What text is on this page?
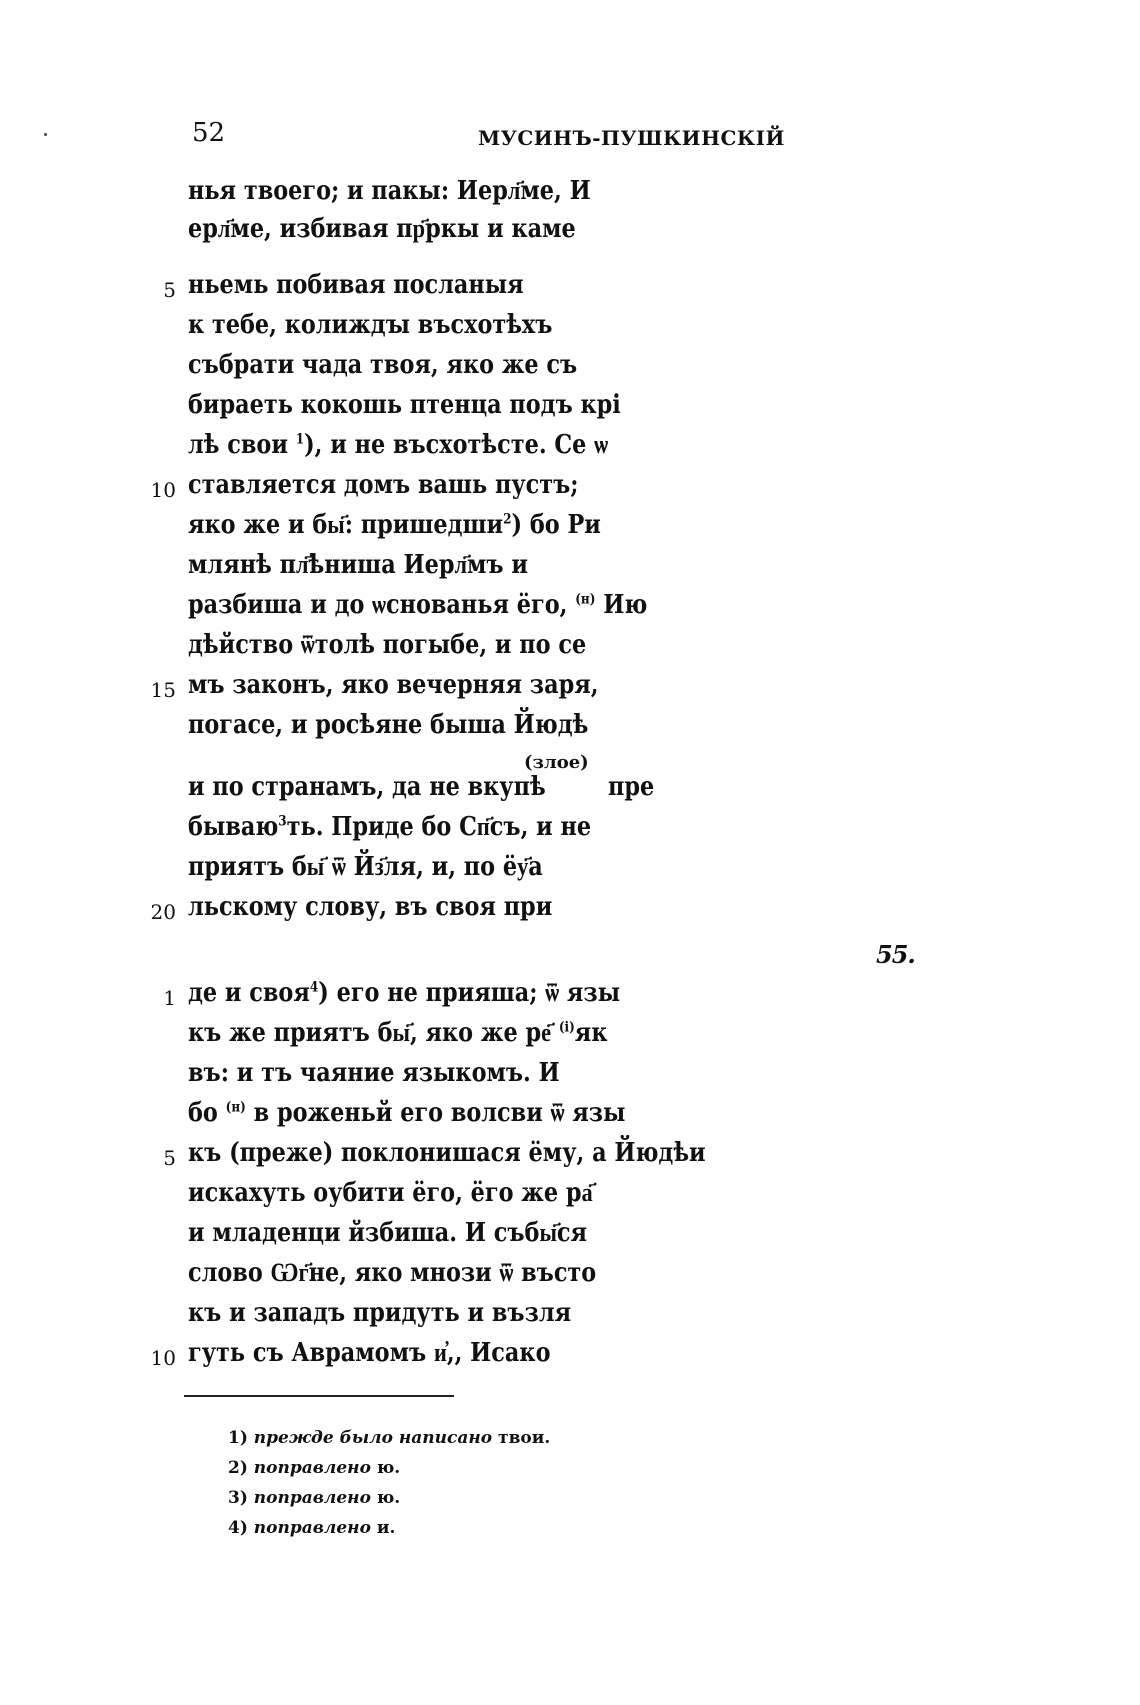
52	МУСИНЪ-ПУШКИНСКІЙ
нья твоего; и пакы: Иерл҃ме, И
ерл҃ме, избивая пр҃ркы и каме
5 ньемь побивая посланыя
к тебе, колиждꙑ въсхотѣхъ
събрати чада твоя, яко же съ
бираеть кокошь птенца подъ крі
лѣ свои $^1$), и не въсхотѣсте. Се ѡ
10 ставляется домъ вашь пустъ;
яко же и бы҃: пришедши$^2$) бо Ри
млянѣ пл҃ѣниша Иерл҃мъ и
разбиша и до ѡснованья ёго, $^{(н)}$ Ию
дѣйство ѿтолѣ погыбе, и по се
15 мъ законъ, яко вечерняя заря,
погасе, и росѣяне быша Йюдѣ
(злое)
и по странамъ, да не вкупѣ пре
бываю$^3$ть. Приде бо Сп҃съ, и не
приятъ бы҃ ѿ Йз҃ля, и, по ёу҃а
20 льскому слову, въ своя при
55.
1 де и своя$^4$) его не прияша; ѿ язы
къ же приятъ бы҃, яко же ре҃ $^{(і)}$як
въ: и тъ чаяние языкомъ. И
бо $^{(н)}$ в роженьй его волсви ѿ язы
5 къ (преже) поклонишася ёму, а Йюдѣи
искахуть оубити ёго, ёго же ра҃
и младенци йзбиша. И събы҃ся
слово Ѡг҃не, яко мнози ѿ въсто
къ и западъ придуть и възля
10 гуть съ Аврамомъ и҆,, Исако
1) прежде было написано твои.
2) поправлено ю.
3) поправлено ю.
4) поправлено и.
